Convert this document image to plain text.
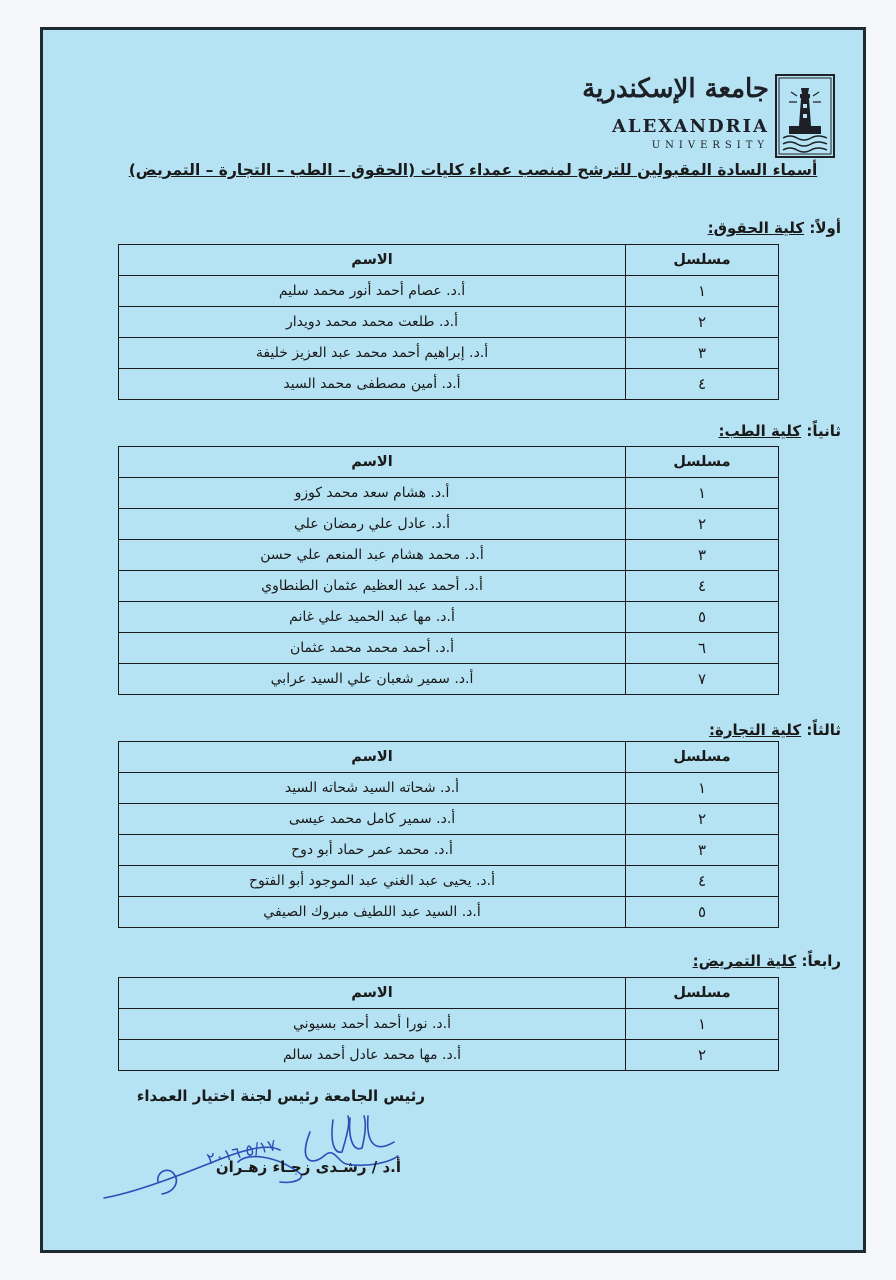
جامعة الإسكندرية
ALEXANDRIA
UNIVERSITY
أسماء السادة المقبولين للترشح لمنصب عمداء كليات (الحقوق – الطب – التجارة – التمريض)
أولاً: كلية الحقوق:
مسلسل	الاسم
١	أ.د. عصام أحمد أنور محمد سليم
٢	أ.د. طلعت محمد محمد دويدار
٣	أ.د. إبراهيم أحمد محمد عبد العزيز خليفة
٤	أ.د. أمين مصطفى محمد السيد
ثانياً: كلية الطب:
مسلسل	الاسم
١	أ.د. هشام سعد محمد كوزو
٢	أ.د. عادل علي رمضان علي
٣	أ.د. محمد هشام عبد المنعم علي حسن
٤	أ.د. أحمد عبد العظيم عثمان الطنطاوي
٥	أ.د. مها عبد الحميد علي غانم
٦	أ.د. أحمد محمد محمد عثمان
٧	أ.د. سمير شعبان علي السيد عرابي
ثالثاً: كلية التجارة:
مسلسل	الاسم
١	أ.د. شحاته السيد شحاته السيد
٢	أ.د. سمير كامل محمد عيسى
٣	أ.د. محمد عمر حماد أبو دوح
٤	أ.د. يحيى عبد الغني عبد الموجود أبو الفتوح
٥	أ.د. السيد عبد اللطيف مبروك الصيفي
رابعاً: كلية التمريض:
مسلسل	الاسم
١	أ.د. نورا أحمد أحمد بسيوني
٢	أ.د. مها محمد عادل أحمد سالم
رئيس الجامعة رئيس لجنة اختيار العمداء
٥/١٧ ٢٠١٦
أ.د / رشـدى زجـاء زهـران
